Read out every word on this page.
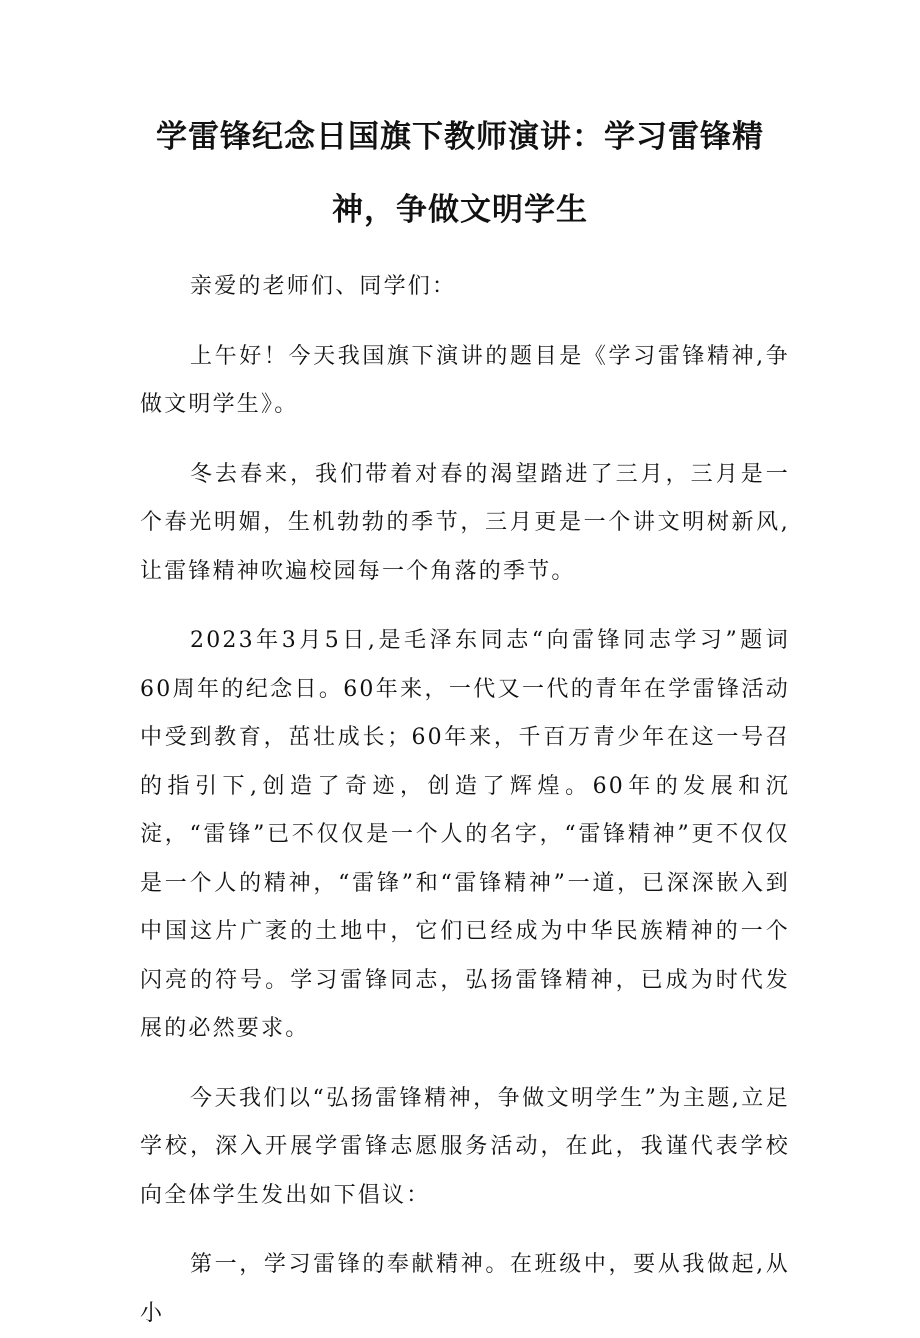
学雷锋纪念日国旗下教师演讲：学习雷锋精
神，争做文明学生

亲爱的老师们、同学们：

上午好！今天我国旗下演讲的题目是《学习雷锋精神,争做文明学生》。

冬去春来，我们带着对春的渴望踏进了三月，三月是一个春光明媚，生机勃勃的季节，三月更是一个讲文明树新风,让雷锋精神吹遍校园每一个角落的季节。

2023年3月5日,是毛泽东同志“向雷锋同志学习”题词60周年的纪念日。60年来，一代又一代的青年在学雷锋活动中受到教育，茁壮成长；60年来，千百万青少年在这一号召的指引下,创造了奇迹，创造了辉煌。60年的发展和沉淀，“雷锋”已不仅仅是一个人的名字，“雷锋精神”更不仅仅是一个人的精神，“雷锋”和“雷锋精神”一道，已深深嵌入到中国这片广袤的土地中，它们已经成为中华民族精神的一个闪亮的符号。学习雷锋同志，弘扬雷锋精神，已成为时代发展的必然要求。

今天我们以“弘扬雷锋精神，争做文明学生”为主题,立足学校，深入开展学雷锋志愿服务活动，在此，我谨代表学校向全体学生发出如下倡议：

第一，学习雷锋的奉献精神。在班级中，要从我做起,从小
